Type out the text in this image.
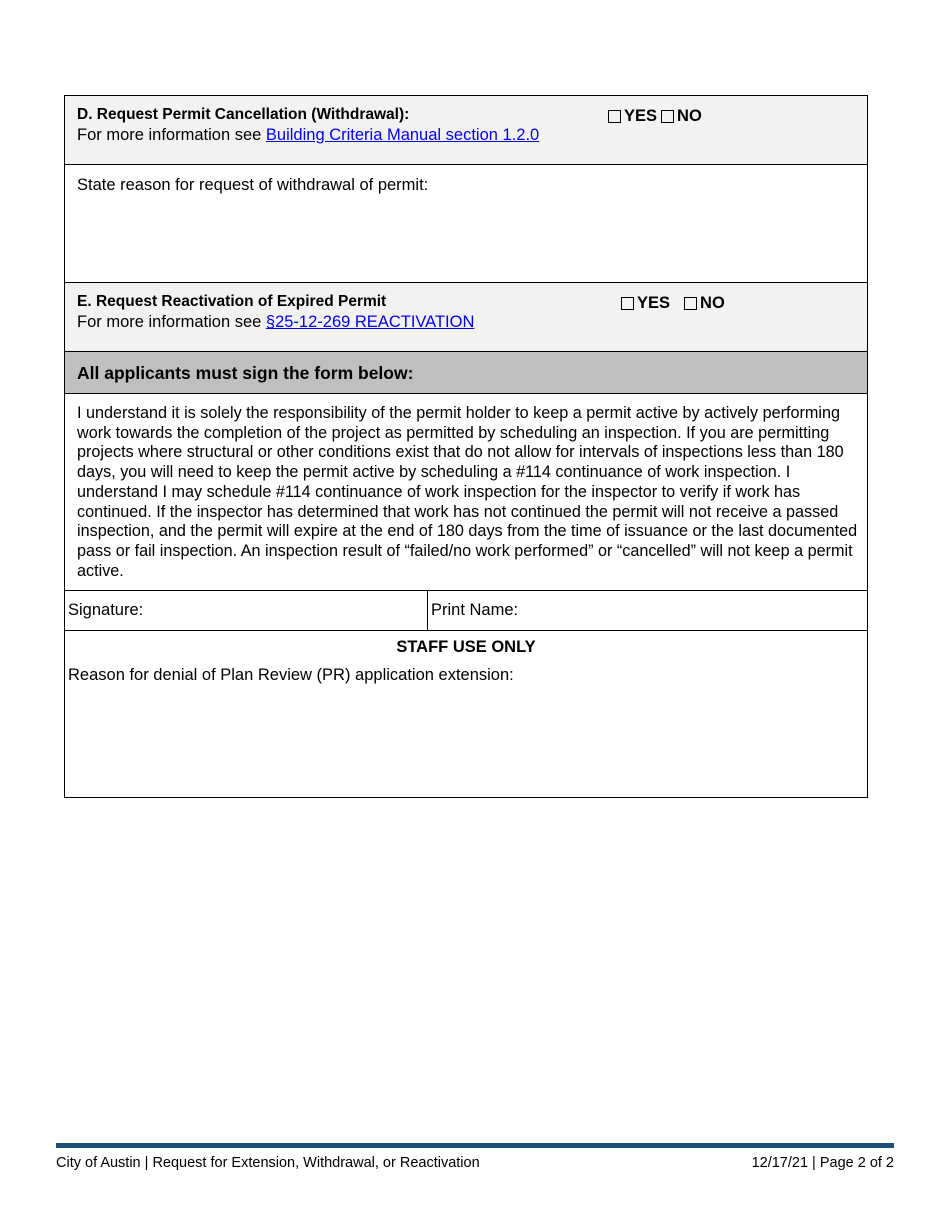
D. Request Permit Cancellation (Withdrawal):
For more information see Building Criteria Manual section 1.2.0
YES NO
State reason for request of withdrawal of permit:
E. Request Reactivation of Expired Permit
For more information see §25-12-269 REACTIVATION
YES NO
All applicants must sign the form below:
I understand it is solely the responsibility of the permit holder to keep a permit active by actively performing work towards the completion of the project as permitted by scheduling an inspection. If you are permitting projects where structural or other conditions exist that do not allow for intervals of inspections less than 180 days, you will need to keep the permit active by scheduling a #114 continuance of work inspection. I understand I may schedule #114 continuance of work inspection for the inspector to verify if work has continued. If the inspector has determined that work has not continued the permit will not receive a passed inspection, and the permit will expire at the end of 180 days from the time of issuance or the last documented pass or fail inspection. An inspection result of “failed/no work performed” or “cancelled” will not keep a permit active.
Signature:	Print Name:
STAFF USE ONLY
Reason for denial of Plan Review (PR) application extension:
City of Austin | Request for Extension, Withdrawal, or Reactivation	12/17/21 | Page 2 of 2
